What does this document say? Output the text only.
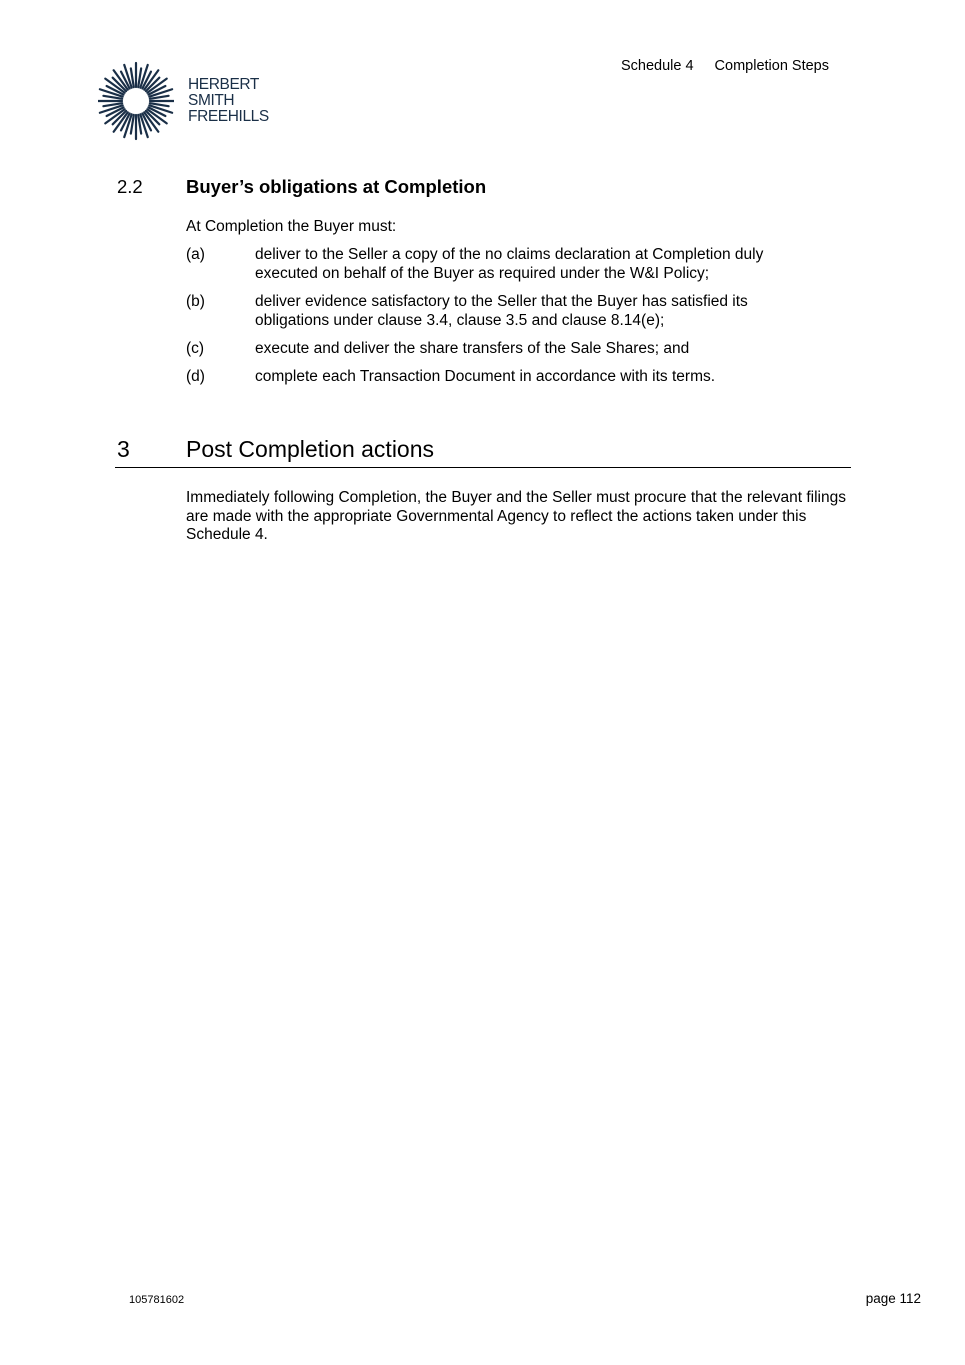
HERBERT
SMITH
FREEHILLS
Schedule 4 Completion Steps
2.2 Buyer’s obligations at Completion
At Completion the Buyer must:
(a)	deliver to the Seller a copy of the no claims declaration at Completion duly executed on behalf of the Buyer as required under the W&I Policy;
(b)	deliver evidence satisfactory to the Seller that the Buyer has satisfied its obligations under clause 3.4, clause 3.5 and clause 8.14(e);
(c)	execute and deliver the share transfers of the Sale Shares; and
(d)	complete each Transaction Document in accordance with its terms.
3 Post Completion actions
Immediately following Completion, the Buyer and the Seller must procure that the relevant filings are made with the appropriate Governmental Agency to reflect the actions taken under this Schedule 4.
105781602	page 112
